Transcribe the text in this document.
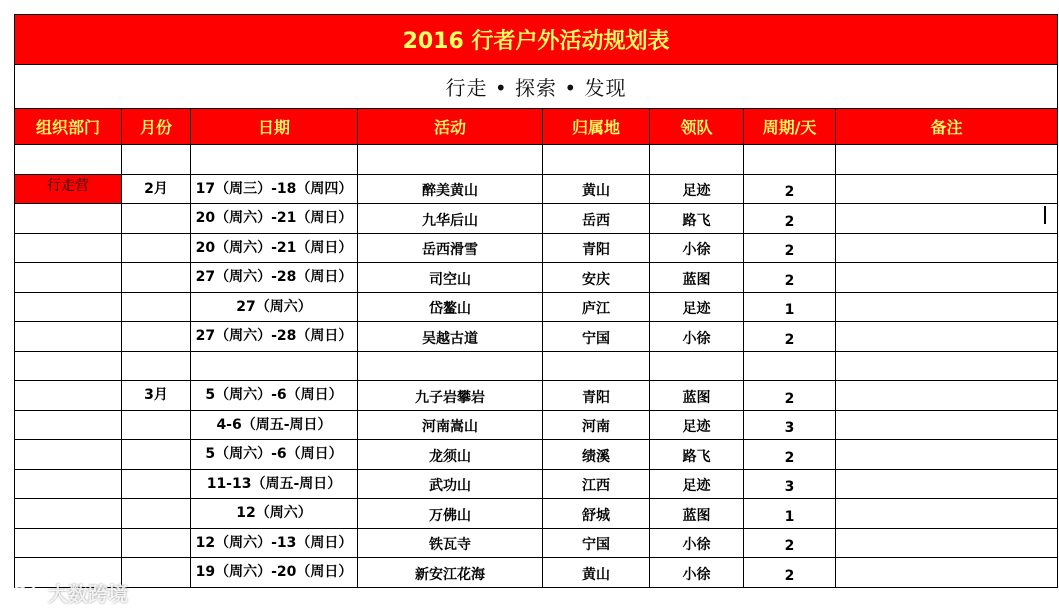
2016 行者户外活动规划表							
行走 • 探索 • 发现							
组织部门	月份	日期	活动	归属地	领队	周期/天	备注

行走营	2月	17（周三）-18（周四）	醉美黄山	黄山	足迹	2	
		20（周六）-21（周日）	九华后山	岳西	路飞	2	
		20（周六）-21（周日）	岳西滑雪	青阳	小徐	2	
		27（周六）-28（周日）	司空山	安庆	蓝图	2	
		27（周六）	岱鳌山	庐江	足迹	1	
		27（周六）-28（周日）	吴越古道	宁国	小徐	2	

	3月	5（周六）-6（周日）	九子岩攀岩	青阳	蓝图	2	
		4-6（周五-周日）	河南嵩山	河南	足迹	3	
		5（周六）-6（周日）	龙须山	绩溪	路飞	2	
		11-13（周五-周日）	武功山	江西	足迹	3	
		12（周六）	万佛山	舒城	蓝图	1	
		12（周六）-13（周日）	铁瓦寺	宁国	小徐	2	
		19（周六）-20（周日）	新安江花海	黄山	小徐	2	
大数跨境
